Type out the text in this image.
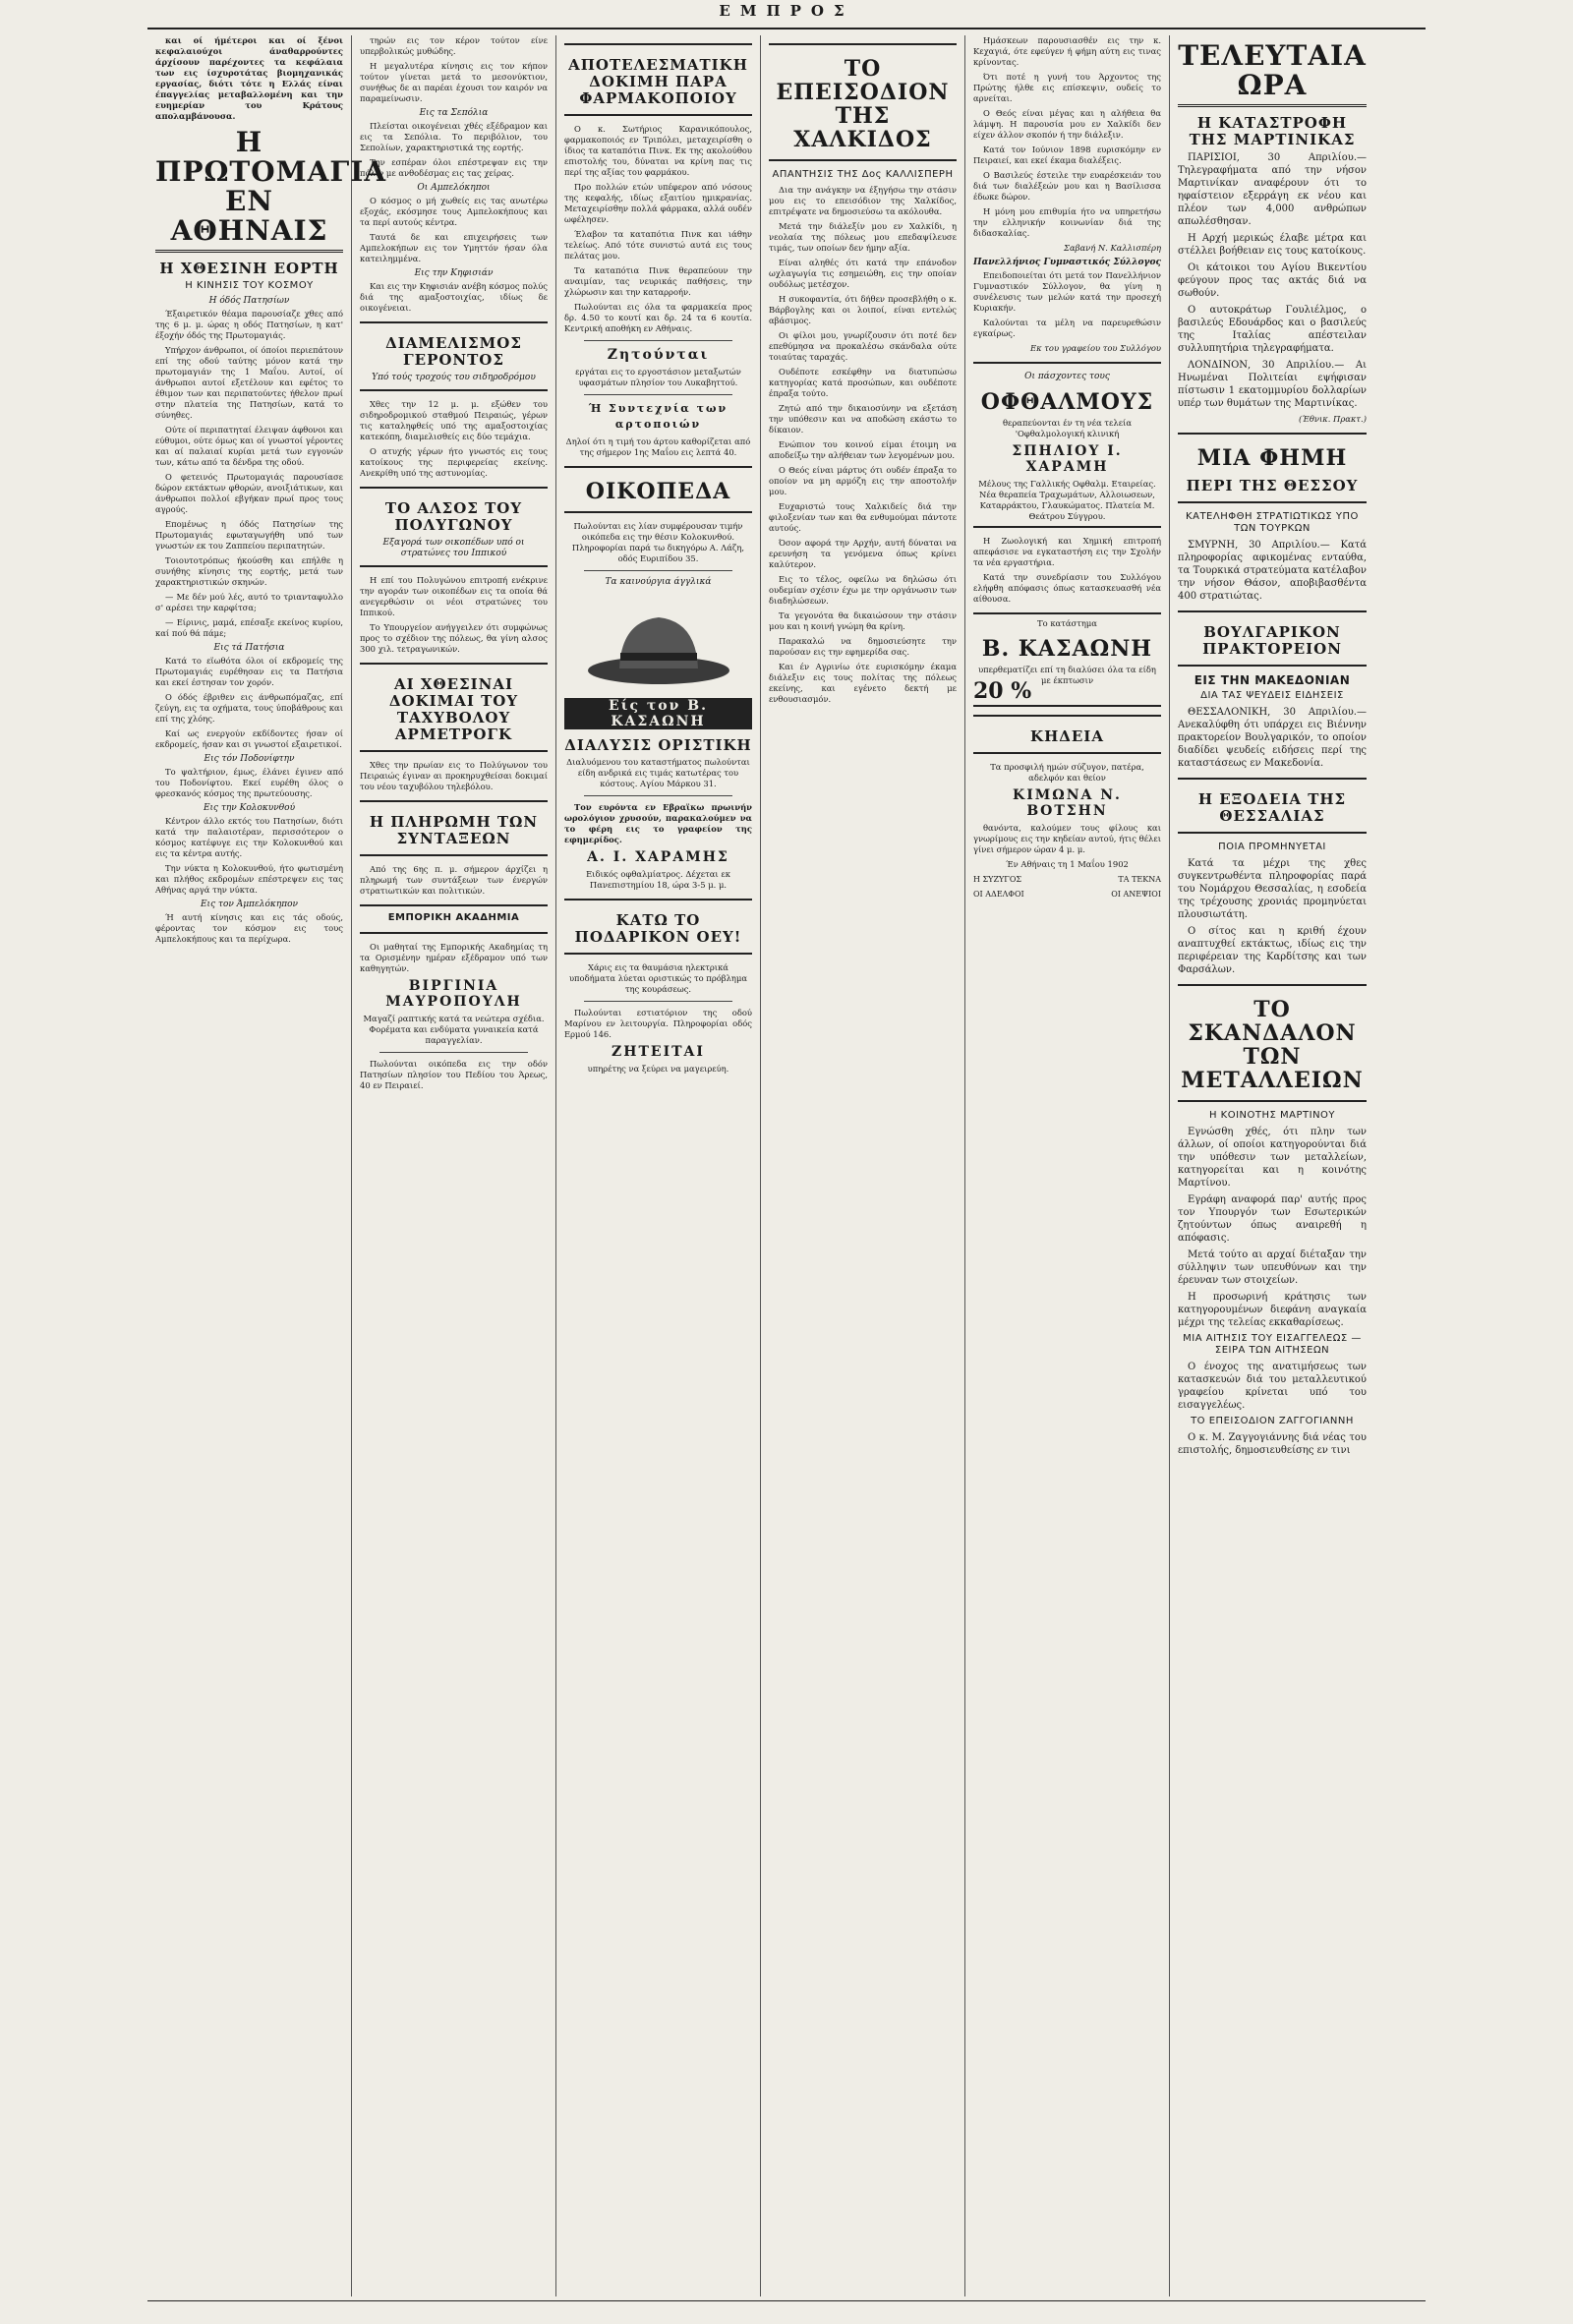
ΕΜΠΡΟΣ

και οί ήμέτεροι και οί ξένοι κεφαλαιούχοι άναθαρρούντες άρχίσουν παρέχοντες τα κεφάλαια των εις ίσχυροτάτας βιομηχανικάς εργασίας, διότι τότε η Ελλάς είναι έπαγγελίας μεταβαλλομένη και την ευημερίαν του Κράτους απολαμβάνουσα.

Η ΠΡΩΤΟΜΑΓΙΑ ΕΝ ΑΘΗΝΑΙΣ
Η ΧΘΕΣΙΝΗ ΕΟΡΤΗ
Η ΚΙΝΗΣΙΣ ΤΟΥ ΚΟΣΜΟΥ
Η όδός Πατησίων

Έξαιρετικόν θέαμα παρουσίαζε χθες από της 6 μ. μ. ώρας η οδός Πατησίων, η κατ' έξοχήν όδός της Πρωτομαγιάς.

Υπήρχον άνθρωποι, οί όποίοι περιεπάτουν επί της οδού ταύτης μόνον κατά την πρωτομαγιάν της 1 Μαΐου. Αυτοί, οί άνθρωποι αυτοί εξετέλουν και εφέτος το έθιμον των και περιπατούντες ήθελον πρωί στην πλατεία της Πατησίων, κατά το σύνηθες.

Ούτε οί περιπατηταί έλειψαν άφθονοι και εύθυμοι, ούτε όμως και οί γνωστοί γέροντες και αί παλαιαί κυρίαι μετά των εγγονών των, κάτω από τα δένδρα της οδού.

Ο φετεινός Πρωτομαγιάς παρουσίασε δώρον εκτάκτων φθορών, ανοιξιάτικων, και άνθρωποι πολλοί εβγήκαν πρωί προς τους αγρούς.

Επομένως η όδός Πατησίων της Πρωτομαγιάς εφωταγωγήθη υπό των γνωστών εκ του Ζαππείου περιπατητών.

Τοιουτοτρόπως ήκούσθη και επήλθε η συνήθης κίνησις της εορτής, μετά των χαρακτηριστικών σκηνών.

— Με δέν μού λές, αυτό το τριανταφυλλο σ' αρέσει την καρφίτσα;

— Είρινις, μαμά, επέσαξε εκείνος κυρίου, καί πού θά πάμε;

Εις τά Πατήσια

Κατά το εϊωθότα όλοι οί εκδρομείς της Πρωτομαγιάς ευρέθησαν εις τα Πατήσια και εκεί έστησαν τον χορόν.

Ο όδός έβριθεν εις άνθρωπόμαζας, επί ζεύγη, εις τα οχήματα, τους ύποβάθρους και επί της χλόης.

Καί ως ενεργούν εκδίδοντες ήσαν οί εκδρομείς, ήσαν και σι γνωστοί εξαιρετικοί.

Εις τόν Ποδονίφτην

Το ψαλτήριον, έμως, έλάνει έγινεν από του Ποδονίφτου. Εκεί ευρέθη όλος ο φρεσκανός κόσμος της πρωτεύουσης.

Εις την Κολοκυνθού

Κέντρον άλλο εκτός του Πατησίων, διότι κατά την παλαιοτέραν, περισσότερον ο κόσμος κατέφυγε εις την Κολοκυνθού και εις τα κέντρα αυτής.

Την νύκτα η Κολοκυνθού, ήτο φωτισμένη και πλήθος εκδρομέων επέστρεψεν εις τας Αθήνας αργά την νύκτα.

Εις τον Άμπελόκηπον

Ή αυτή κίνησις και εις τάς οδούς, φέροντας τον κόσμον εις τους Αμπελοκήπους και τα περίχωρα.

τηρών εις τον κέρον τούτον είνε υπερβολικώς μυθώδης.

Η μεγαλυτέρα κίνησις εις τον κήπον τούτον γίνεται μετά το μεσονύκτιον, συνήθως δε αι παρέαι έχουσι τον καιρόν να παραμείνωσιν.

Εις τα Σεπόλια

Πλείσται οικογένειαι χθές εξέδραμον και εις τα Σεπόλια. Το περιβόλιον, του Σεπολίων, χαρακτηριστικά της εορτής.

Την εσπέραν όλοι επέστρεψαν εις την πόλιν με ανθοδέσμας εις τας χείρας.

Οι Αμπελόκηποι

Ο κόσμος ο μή χωθείς εις τας ανωτέρω εξοχάς, εκόσμησε τους Αμπελοκήπους και τα περί αυτούς κέντρα.

Ταυτά δε και επιχειρήσεις των Αμπελοκήπων εις τον Υμηττόν ήσαν όλα κατειλημμένα.

Εις την Κηφισιάν

Και εις την Κηφισιάν ανέβη κόσμος πολύς διά της αμαξοστοιχίας, ιδίως δε οικογένειαι.

ΔΙΑΜΕΛΙΣΜΟΣ ΓΕΡΟΝΤΟΣ
Υπό τούς τροχούς του σιδηροδρόμου

Χθες την 12 μ. μ. εξώθεν του σιδηροδρομικού σταθμού Πειραιώς, γέρων τις καταληφθείς υπό της αμαξοστοιχίας κατεκόπη, διαμελισθείς εις δύο τεμάχια.

Ο ατυχής γέρων ήτο γνωστός εις τους κατοίκους της περιφερείας εκείνης. Ανεκρίθη υπό της αστυνομίας.

ΤΟ ΑΛΣΟΣ ΤΟΥ ΠΟΛΥΓΩΝΟΥ
Εξαγορά των οικοπέδων υπό οι στρατώνες του Ιππικού

Η επί του Πολυγώνου επιτροπή ενέκρινε την αγοράν των οικοπέδων εις τα οποία θά ανεγερθώσιν οι νέοι στρατώνες του Ιππικού.

Το Υπουργείον ανήγγειλεν ότι συμφώνως προς το σχέδιον της πόλεως, θα γίνη αλσος 300 χιλ. τετραγωνικών.

ΑΙ ΧΘΕΣΙΝΑΙ ΔΟΚΙΜΑΙ ΤΟΥ ΤΑΧΥΒΟΛΟΥ ΑΡΜΕΤΡΟΓΚ

Χθες την πρωίαν εις το Πολύγωνον του Πειραιώς έγιναν αι προκηρυχθείσαι δοκιμαί του νέου ταχυβόλου τηλεβόλου.

Η ΠΛΗΡΩΜΗ ΤΩΝ ΣΥΝΤΑΞΕΩΝ

Από της 6ης π. μ. σήμερον άρχίζει η πληρωμή των συντάξεων των ένεργών στρατιωτικών και πολιτικών.

ΕΜΠΟΡΙΚΗ ΑΚΑΔΗΜΙΑ

Οι μαθηταί της Εμπορικής Ακαδημίας τη τα Ορισμένην ημέραν εξέδραμον υπό των καθηγητών.

ΒΙΡΓΙΝΙΑ ΜΑΥΡΟΠΟΥΛΗ
Μαγαζί ραπτικής κατά τα νεώτερα σχέδια. Φορέματα και ενδύματα γυναικεία κατά παραγγελίαν.

Πωλούνται οικόπεδα εις την οδόν Πατησίων πλησίον του Πεδίου του Άρεως, 40 εν Πειραιεί.

ΑΠΟΤΕΛΕΣΜΑΤΙΚΗ ΔΟΚΙΜΗ ΠΑΡΑ ΦΑΡΜΑΚΟΠΟΙΟΥ

Ο κ. Σωτήριος Καρανικόπουλος, φαρμακοποιός εν Τριπόλει, μεταχειρίσθη ο ίδιος τα καταπότια Πινκ. Εκ της ακολούθου επιστολής του, δύναται να κρίνη πας τις περί της αξίας του φαρμάκου.

Προ πολλών ετών υπέφερον από νόσους της κεφαλής, ιδίως εξαιτίου ημικρανίας. Μεταχειρίσθην πολλά φάρμακα, αλλά ουδέν ωφέλησεν.

Έλαβον τα καταπότια Πινκ και ιάθην τελείως. Από τότε συνιστώ αυτά εις τους πελάτας μου.

Τα καταπότια Πινκ θεραπεύουν την αναιμίαν, τας νευρικάς παθήσεις, την χλώρωσιν και την καταρροήν.

Πωλούνται εις όλα τα φαρμακεία προς δρ. 4.50 το κουτί και δρ. 24 τα 6 κουτία. Κεντρική αποθήκη εν Αθήναις.

Ζητούνται
εργάται εις το εργοστάσιον μεταξωτών υφασμάτων πλησίον του Λυκαβηττού.
Ή Συντεχνία των αρτοποιών
Δηλοί ότι η τιμή του άρτου καθορίζεται από της σήμερον 1ης Μαΐου εις λεπτά 40.
ΟΙΚΟΠΕΔΑ
Πωλούνται εις λίαν συμφέρουσαν τιμήν οικόπεδα εις την θέσιν Κολοκυνθού. Πληροφορίαι παρά τω δικηγόρω Α. Λάζη, οδός Ευριπίδου 35.
Τα καινούργια άγγλικά
Είς τον Β. ΚΑΣΑΩΝΗ
ΔΙΑΛΥΣΙΣ ΟΡΙΣΤΙΚΗ
Διαλυόμενου του καταστήματος πωλούνται είδη ανδρικά εις τιμάς κατωτέρας του κόστους. Αγίου Μάρκου 31.

Τον ευρόντα εν Εβραϊκω πρωινήν ωρολόγιον χρυσούν, παρακαλούμεν να το φέρη εις το γραφείον της εφημερίδος.

Α. Ι. ΧΑΡΑΜΗΣ
Ειδικός οφθαλμίατρος. Δέχεται εκ Πανεπιστημίου 18, ώρα 3-5 μ. μ.
ΚΑΤΩ ΤΟ ΠΟΔΑΡΙΚΟΝ ΟΕΥ!
Χάρις εις τα θαυμάσια ηλεκτρικά υποδήματα λύεται οριστικώς το πρόβλημα της κουράσεως.

Πωλούνται εστιατόριον της οδού Μαρίνου εν λειτουργία. Πληροφορίαι οδός Ερμού 146.

ΖΗΤΕΙΤΑΙ
υπηρέτης να ξεύρει να μαγειρεύη.
ΤΟ ΕΠΕΙΣΟΔΙΟΝ ΤΗΣ ΧΑΛΚΙΔΟΣ
ΑΠΑΝΤΗΣΙΣ ΤΗΣ Δος ΚΑΛΛΙΣΠΕΡΗ

Δια την ανάγκην να έξηγήσω την στάσιν μου εις το επεισόδιον της Χαλκίδος, επιτρέψατε να δημοσιεύσω τα ακόλουθα.

Μετά την διάλεξίν μου εν Χαλκίδι, η νεολαία της πόλεως μου επεδαψίλευσε τιμάς, των οποίων δεν ήμην αξία.

Είναι αληθές ότι κατά την επάνοδον ωχλαγωγία τις εσημειώθη, εις την οποίαν ουδόλως μετέσχον.

Η συκοφαντία, ότι δήθεν προσεβλήθη ο κ. Βάρβογλης και οι λοιποί, είναι εντελώς αβάσιμος.

Οι φίλοι μου, γνωρίζουσιν ότι ποτέ δεν επεθύμησα να προκαλέσω σκάνδαλα ούτε τοιαύτας ταραχάς.

Ουδέποτε εσκέφθην να διατυπώσω κατηγορίας κατά προσώπων, και ουδέποτε έπραξα τούτο.

Ζητώ από την δικαιοσύνην να εξετάση την υπόθεσιν και να αποδώση εκάστω το δίκαιον.

Ενώπιον του κοινού είμαι έτοιμη να αποδείξω την αλήθειαν των λεγομένων μου.

Ο Θεός είναι μάρτυς ότι ουδέν έπραξα το οποίον να μη αρμόζη εις την αποστολήν μου.

Ευχαριστώ τους Χαλκιδείς διά την φιλοξενίαν των και θα ενθυμούμαι πάντοτε αυτούς.

Όσον αφορά την Αρχήν, αυτή δύναται να ερευνήση τα γενόμενα όπως κρίνει καλύτερον.

Εις το τέλος, οφείλω να δηλώσω ότι ουδεμίαν σχέσιν έχω με την οργάνωσιν των διαδηλώσεων.

Τα γεγονότα θα δικαιώσουν την στάσιν μου και η κοινή γνώμη θα κρίνη.

Παρακαλώ να δημοσιεύσητε την παρούσαν εις την εφημερίδα σας.

Και έν Αγρινίω ότε ευρισκόμην έκαμα διάλεξιν εις τους πολίτας της πόλεως εκείνης, και εγένετο δεκτή με ενθουσιασμόν.

Ημάσκεων παρουσιασθέν εις την κ. Κεχαγιά, ότε εφεύγεν ή φήμη αύτη εις τινας κρίνοντας.

Ότι ποτέ η γυνή του Άρχοντος της Πρώτης ήλθε εις επίσκεψιν, ουδείς το αρνείται.

Ο Θεός είναι μέγας και η αλήθεια θα λάμψη. Η παρουσία μου εν Χαλκίδι δεν είχεν άλλον σκοπόν ή την διάλεξιν.

Κατά τον Ιούνιον 1898 ευρισκόμην εν Πειραιεί, και εκεί έκαμα διαλέξεις.

Ο Βασιλεύς έστειλε την ευαρέσκειάν του διά των διαλέξεών μου και η Βασίλισσα έδωκε δώρον.

Η μόνη μου επιθυμία ήτο να υπηρετήσω την ελληνικήν κοινωνίαν διά της διδασκαλίας.

Σαβανή Ν. Καλλισπέρη
Πανελλήνιος Γυμναστικός Σύλλογος

Επειδοποιείται ότι μετά τον Πανελλήνιον Γυμναστικόν Σύλλογον, θα γίνη η συνέλευσις των μελών κατά την προσεχή Κυριακήν.

Καλούνται τα μέλη να παρευρεθώσιν εγκαίρως.

Εκ του γραφείου του Συλλόγου
Οι πάσχοντες τους
ΟΦΘΑΛΜΟΥΣ
θεραπεύονται έν τη νέα τελεία 'Οφθαλμολογική κλινική
ΣΠΗΛΙΟΥ Ι. ΧΑΡΑΜΗ
Μέλους της Γαλλικής Οφθαλμ. Εταιρείας. Νέα θεραπεία Τραχωμάτων, Αλλοιωσεων, Καταρράκτου, Γλαυκώματος. Πλατεία Μ. Θεάτρου Σύγγρου.

Η Ζωολογική και Χημική επιτροπή απεφάσισε να εγκαταστήση εις την Σχολήν τα νέα εργαστήρια.

Κατά την συνεδρίασιν του Συλλόγου ελήφθη απόφασις όπως κατασκευασθή νέα αίθουσα.

Το κατάστημα
Β. ΚΑΣΑΩΝΗ
υπερθεματίζει επί τη διαλύσει όλα τα είδη με έκπτωσιν
20 %
ΚΗΔΕΙΑ
Τα προσφιλή ημών σύζυγον, πατέρα, αδελφόν και θείον
ΚΙΜΩΝΑ Ν. ΒΟΤΣΗΝ

θανόντα, καλούμεν τους φίλους και γνωρίμους εις την κηδείαν αυτού, ήτις θέλει γίνει σήμερον ώραν 4 μ. μ.

Έν Αθήναις τη 1 Μαΐου 1902
Η ΣΥΖΥΓΟΣ	ΤΑ ΤΕΚΝΑ
ΟΙ ΑΔΕΛΦΟΙ	ΟΙ ΑΝΕΨΙΟΙ
ΤΕΛΕΥΤΑΙΑ ΩΡΑ
Η ΚΑΤΑΣΤΡΟΦΗ ΤΗΣ ΜΑΡΤΙΝΙΚΑΣ

ΠΑΡΙΣΙΟΙ, 30 Απριλίου.— Τηλεγραφήματα από την νήσον Μαρτινίκαν αναφέρουν ότι το ηφαίστειον εξερράγη εκ νέου και πλέον των 4,000 ανθρώπων απωλέσθησαν.

Η Αρχή μερικώς έλαβε μέτρα και στέλλει βοήθειαν εις τους κατοίκους.

Οι κάτοικοι του Αγίου Βικεντίου φεύγουν προς τας ακτάς διά να σωθούν.

Ο αυτοκράτωρ Γουλιέλμος, ο βασιλεύς Εδουάρδος και ο βασιλεύς της Ιταλίας απέστειλαν συλλυπητήρια τηλεγραφήματα.

ΛΟΝΔΙΝΟΝ, 30 Απριλίου.— Αι Ηνωμέναι Πολιτείαι εψήφισαν πίστωσιν 1 εκατομμυρίου δολλαρίων υπέρ των θυμάτων της Μαρτινίκας.

(Έθνικ. Πρακτ.)
ΜΙΑ ΦΗΜΗ
ΠΕΡΙ ΤΗΣ ΘΕΣΣΟΥ
ΚΑΤΕΛΗΦΘΗ ΣΤΡΑΤΙΩΤΙΚΩΣ ΥΠΟ ΤΩΝ ΤΟΥΡΚΩΝ

ΣΜΥΡΝΗ, 30 Απριλίου.— Κατά πληροφορίας αφικομένας ενταύθα, τα Τουρκικά στρατεύματα κατέλαβον την νήσον Θάσον, αποβιβασθέντα 400 στρατιώτας.

ΒΟΥΛΓΑΡΙΚΟΝ ΠΡΑΚΤΟΡΕΙΟΝ
ΕΙΣ ΤΗΝ ΜΑΚΕΔΟΝΙΑΝ
ΔΙΑ ΤΑΣ ΨΕΥΔΕΙΣ ΕΙΔΗΣΕΙΣ

ΘΕΣΣΑΛΟΝΙΚΗ, 30 Απριλίου.— Ανεκαλύφθη ότι υπάρχει εις Βιέννην πρακτορείον Βουλγαρικόν, το οποίον διαδίδει ψευδείς ειδήσεις περί της καταστάσεως εν Μακεδονία.

Η ΕΞΟΔΕΙΑ ΤΗΣ ΘΕΣΣΑΛΙΑΣ
ΠΟΙΑ ΠΡΟΜΗΝΥΕΤΑΙ

Κατά τα μέχρι της χθες συγκεντρωθέντα πληροφορίας παρά του Νομάρχου Θεσσαλίας, η εσοδεία της τρέχουσης χρονιάς προμηνύεται πλουσιωτάτη.

Ο σίτος και η κριθή έχουν αναπτυχθεί εκτάκτως, ιδίως εις την περιφέρειαν της Καρδίτσης και των Φαρσάλων.

ΤΟ ΣΚΑΝΔΑΛΟΝ ΤΩΝ ΜΕΤΑΛΛΕΙΩΝ
Η ΚΟΙΝΟΤΗΣ ΜΑΡΤΙΝΟΥ

Εγνώσθη χθές, ότι πλην των άλλων, οί οποίοι κατηγορούνται διά την υπόθεσιν των μεταλλείων, κατηγορείται και η κοινότης Μαρτίνου.

Εγράφη αναφορά παρ' αυτής προς τον Υπουργόν των Εσωτερικών ζητούντων όπως αναιρεθή η απόφασις.

Μετά τούτο αι αρχαί διέταξαν την σύλληψιν των υπευθύνων και την έρευναν των στοιχείων.

Η προσωρινή κράτησις των κατηγορουμένων διεφάνη αναγκαία μέχρι της τελείας εκκαθαρίσεως.

ΜΙΑ ΑΙΤΗΣΙΣ ΤΟΥ ΕΙΣΑΓΓΕΛΕΩΣ — ΣΕΙΡΑ ΤΩΝ ΑΙΤΗΣΕΩΝ

Ο ένοχος της ανατιμήσεως των κατασκευών διά του μεταλλευτικού γραφείου κρίνεται υπό του εισαγγελέως.

ΤΟ ΕΠΕΙΣΟΔΙΟΝ ΖΑΓΓΟΓΙΑΝΝΗ

Ο κ. Μ. Ζαγγογιάννης διά νέας του επιστολής, δημοσιευθείσης εν τινι
